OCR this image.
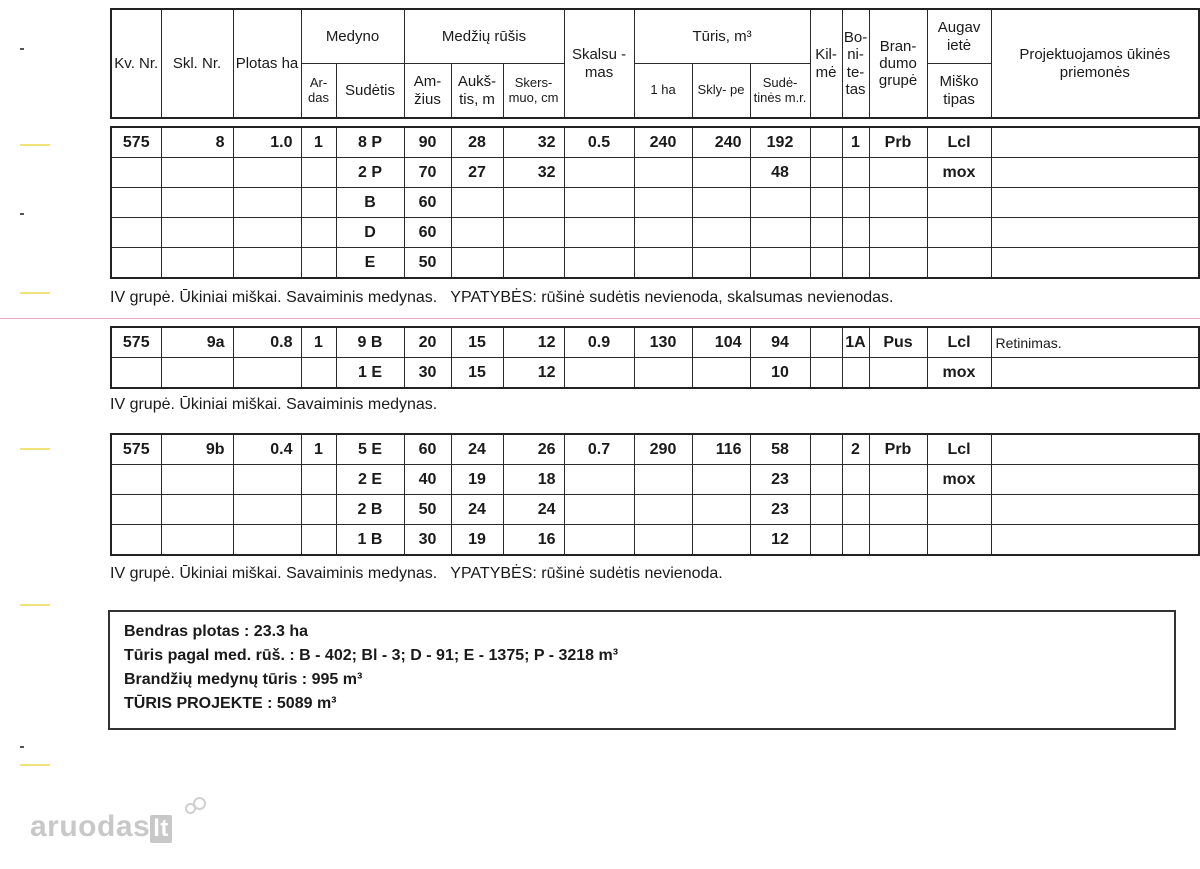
Kv. Nr.	Skl. Nr.	Plotas ha	Medyno		Medžių rūšis			Skalsu - mas	Tūris, m³			Kil- mė	Bo- ni- te- tas	Bran- dumo grupė	Augav ietė	Projektuojamos ūkinės priemonės
			Ar- das	Sudėtis	Am- žius	Aukš- tis, m	Skers- muo, cm		1 ha	Skly- pe	Sudė- tinės m.r.				Miško tipas	
575	8	1.0	1	8 P	90	28	32	0.5	240	240	192		1	Prb	Lcl	
				2 P	70	27	32				48				mox	
				B	60											
				D	60											
				E	50											
IV grupė. Ūkiniai miškai. Savaiminis medynas.   YPATYBĖS: rūšinė sudėtis nevienoda, skalsumas nevienodas.
575	9a	0.8	1	9 B	20	15	12	0.9	130	104	94		1A	Pus	Lcl	Retinimas.
				1 E	30	15	12				10				mox	
IV grupė. Ūkiniai miškai. Savaiminis medynas.
575	9b	0.4	1	5 E	60	24	26	0.7	290	116	58		2	Prb	Lcl	
				2 E	40	19	18				23				mox	
				2 B	50	24	24				23					
				1 B	30	19	16				12					
IV grupė. Ūkiniai miškai. Savaiminis medynas.   YPATYBĖS: rūšinė sudėtis nevienoda.
Bendras plotas : 23.3 ha
Tūris pagal med. rūš. : B - 402; Bl - 3; D - 91; E - 1375; P - 3218 m³
Brandžių medynų tūris : 995 m³
TŪRIS PROJEKTE : 5089 m³
aruodas lt
